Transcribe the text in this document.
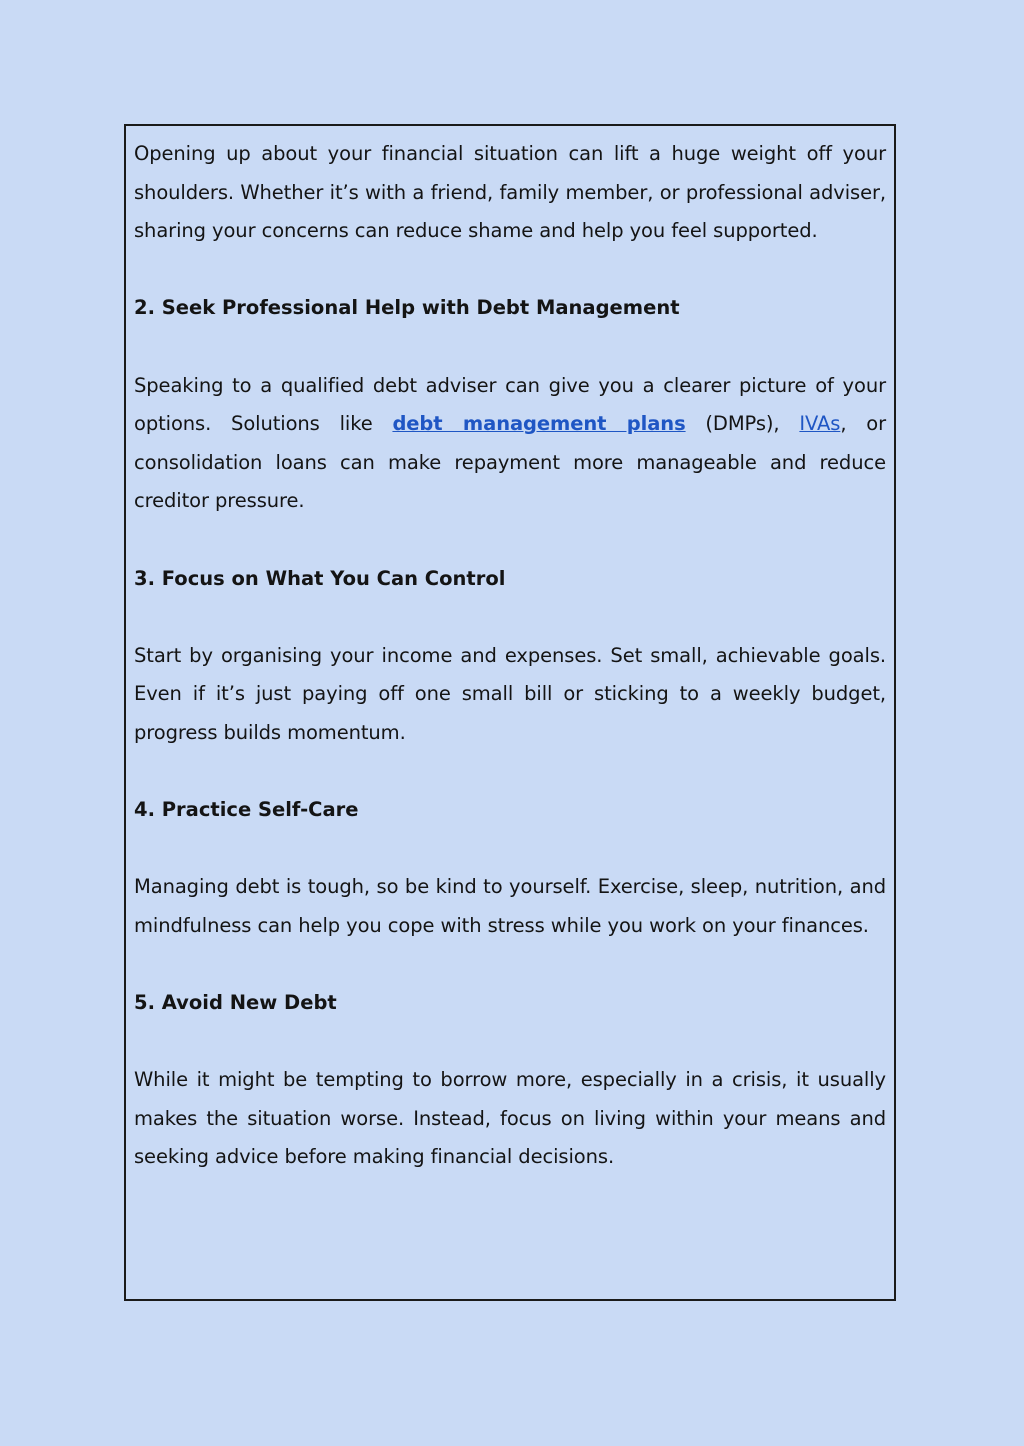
Opening up about your financial situation can lift a huge weight off your shoulders. Whether it’s with a friend, family member, or professional adviser, sharing your concerns can reduce shame and help you feel supported.

2. Seek Professional Help with Debt Management

Speaking to a qualified debt adviser can give you a clearer picture of your options. Solutions like debt management plans (DMPs), IVAs, or consolidation loans can make repayment more manageable and reduce creditor pressure.

3. Focus on What You Can Control

Start by organising your income and expenses. Set small, achievable goals. Even if it’s just paying off one small bill or sticking to a weekly budget, progress builds momentum.

4. Practice Self-Care

Managing debt is tough, so be kind to yourself. Exercise, sleep, nutrition, and mindfulness can help you cope with stress while you work on your finances.

5. Avoid New Debt

While it might be tempting to borrow more, especially in a crisis, it usually makes the situation worse. Instead, focus on living within your means and seeking advice before making financial decisions.
